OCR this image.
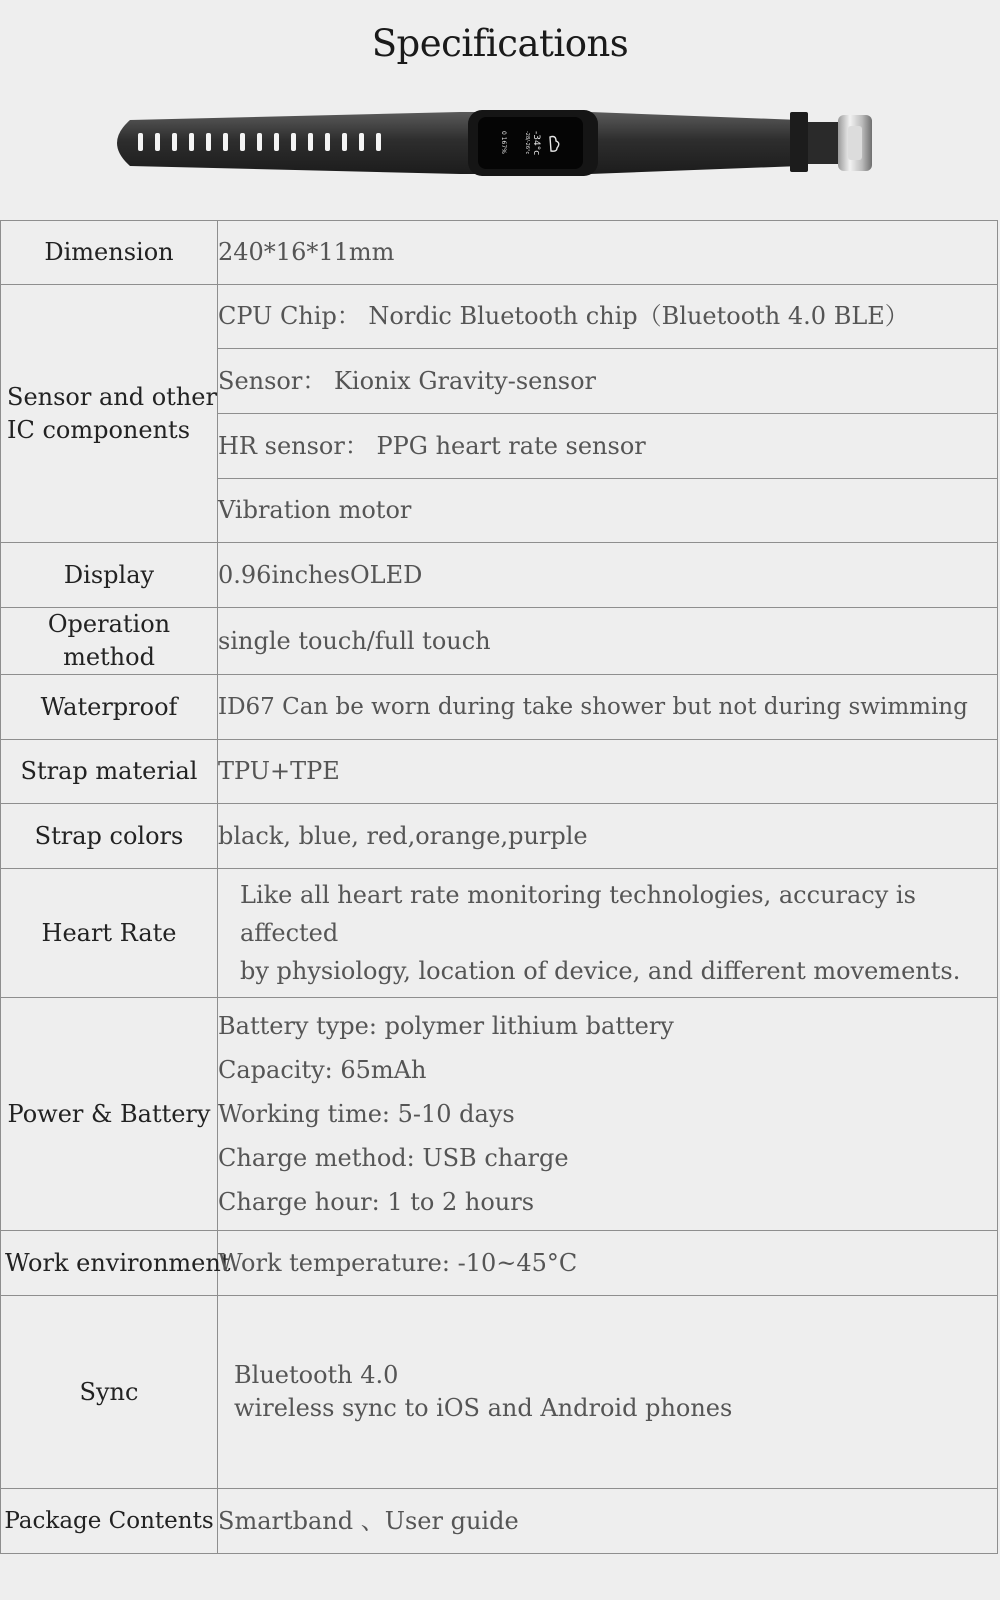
Specifications
-34°c
-28/-26°c
0 167%
Dimension	240*16*11mm
Sensor and other IC components	CPU Chip： Nordic Bluetooth chip（Bluetooth 4.0 BLE）
	Sensor： Kionix Gravity-sensor
	HR sensor： PPG heart rate sensor
	Vibration motor
Display	0.96inchesOLED

Operation method	single touch/full touch
Waterproof	ID67 Can be worn during take shower but not during swimming
Strap material	TPU+TPE
Strap colors	black, blue, red,orange,purple
Heart Rate	Like all heart rate monitoring technologies, accuracy is affected
by physiology, location of device, and different movements.

Power & Battery	Battery type: polymer lithium battery
Capacity: 65mAh
Working time: 5-10 days
Charge method: USB charge
Charge hour: 1 to 2 hours

Work environment	Work temperature: -10~45°C
Sync	Bluetooth 4.0
wireless sync to iOS and Android phones

Package Contents	Smartband 、User guide
